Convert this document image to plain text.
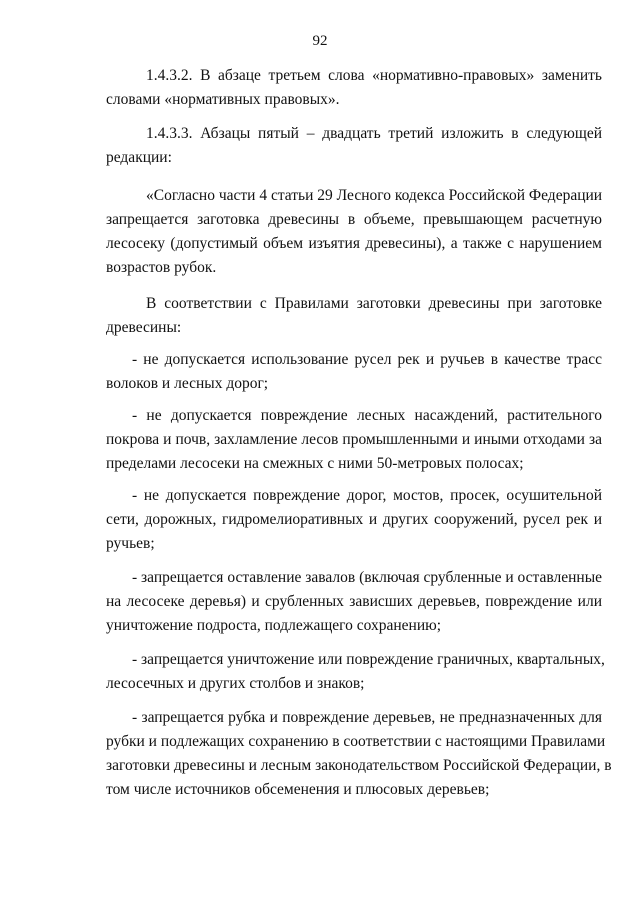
92

1.4.3.2. В абзаце третьем слова «нормативно-правовых» заменить
словами «нормативных правовых».

1.4.3.3. Абзацы пятый – двадцать третий изложить в следующей
редакции:

«Согласно части 4 статьи 29 Лесного кодекса Российской Федерации
запрещается заготовка древесины в объеме, превышающем расчетную
лесосеку (допустимый объем изъятия древесины), а также с нарушением
возрастов рубок.

В соответствии с Правилами заготовки древесины при заготовке
древесины:

- не допускается использование русел рек и ручьев в качестве трасс
волоков и лесных дорог;

- не допускается повреждение лесных насаждений, растительного
покрова и почв, захламление лесов промышленными и иными отходами за
пределами лесосеки на смежных с ними 50-метровых полосах;

- не допускается повреждение дорог, мостов, просек, осушительной
сети, дорожных, гидромелиоративных и других сооружений, русел рек и
ручьев;

- запрещается оставление завалов (включая срубленные и оставленные
на лесосеке деревья) и срубленных зависших деревьев, повреждение или
уничтожение подроста, подлежащего сохранению;

- запрещается уничтожение или повреждение граничных, квартальных,
лесосечных и других столбов и знаков;

- запрещается рубка и повреждение деревьев, не предназначенных для
рубки и подлежащих сохранению в соответствии с настоящими Правилами
заготовки древесины и лесным законодательством Российской Федерации, в
том числе источников обсеменения и плюсовых деревьев;
